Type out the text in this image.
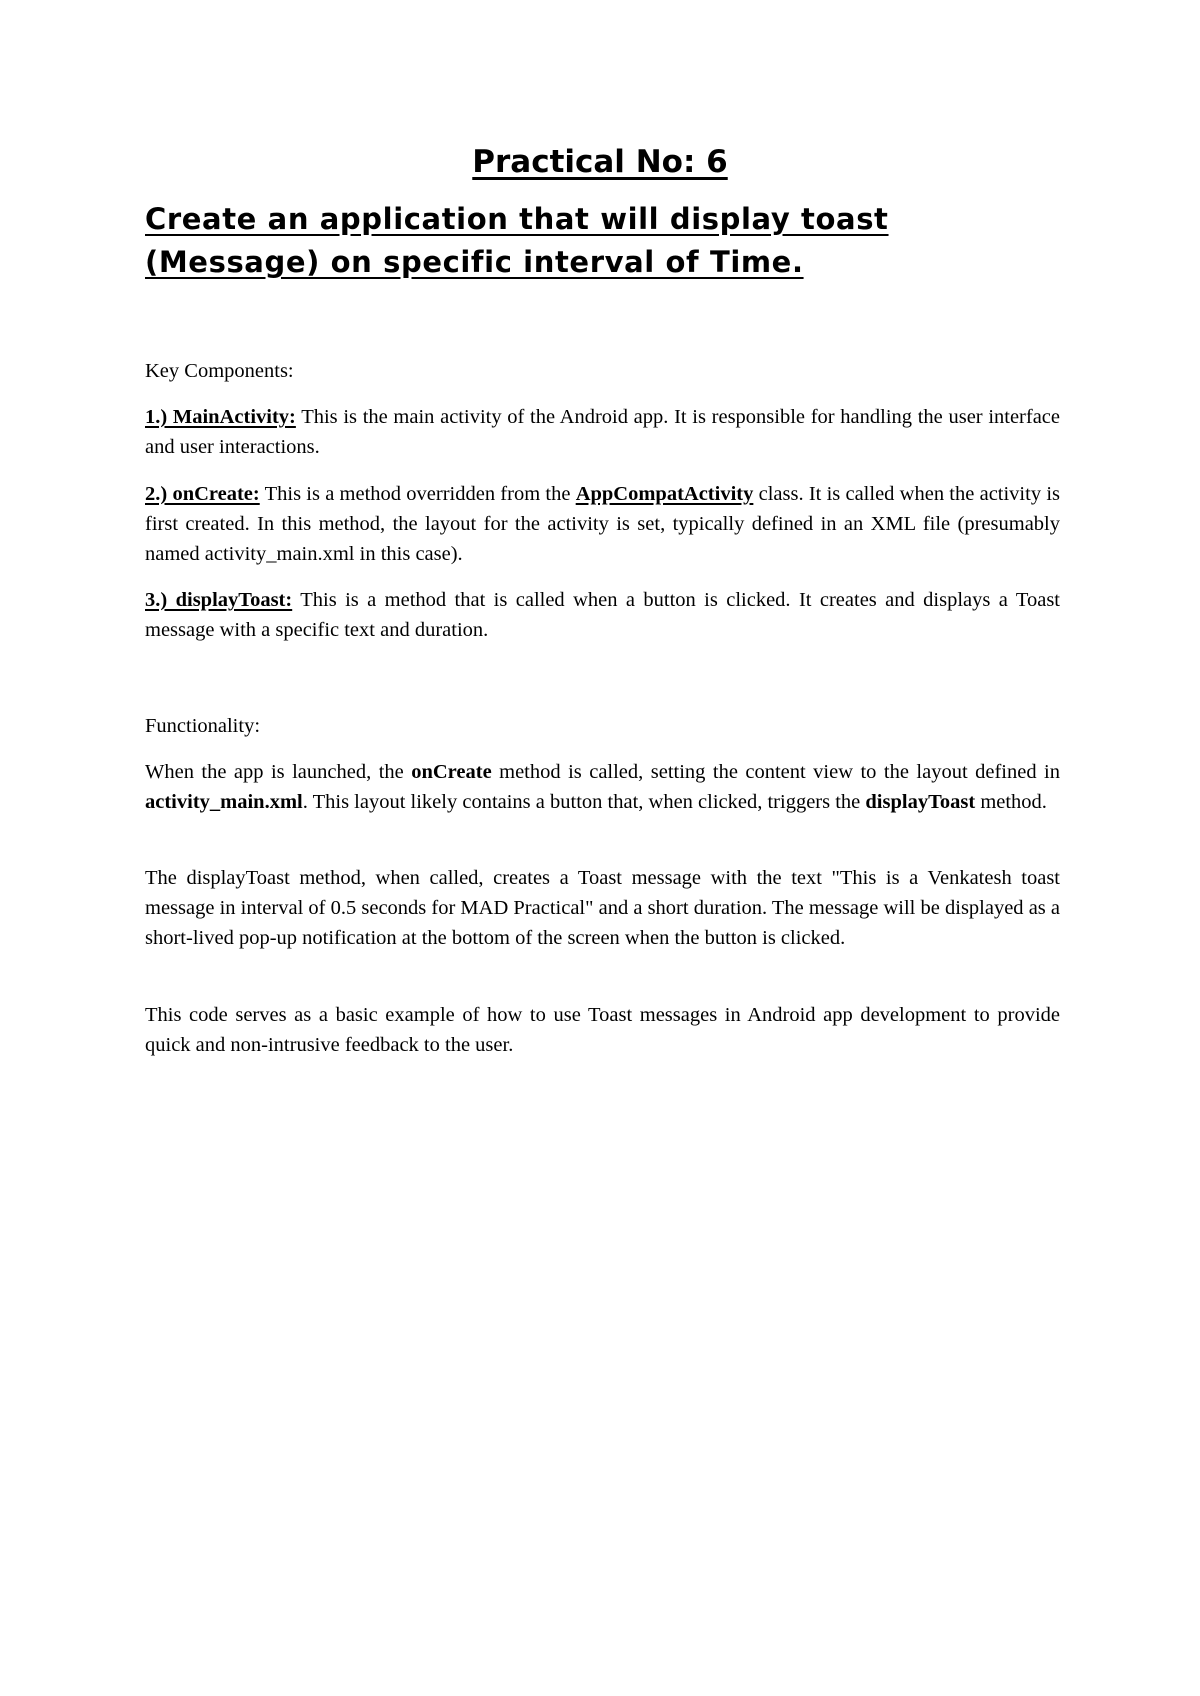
Practical No: 6
Create an application that will display toast (Message) on specific interval of Time.

Key Components:

1.) MainActivity: This is the main activity of the Android app. It is responsible for handling the user interface and user interactions.

2.) onCreate: This is a method overridden from the AppCompatActivity class. It is called when the activity is first created. In this method, the layout for the activity is set, typically defined in an XML file (presumably named activity_main.xml in this case).

3.) displayToast: This is a method that is called when a button is clicked. It creates and displays a Toast message with a specific text and duration.

Functionality:

When the app is launched, the onCreate method is called, setting the content view to the layout defined in activity_main.xml. This layout likely contains a button that, when clicked, triggers the displayToast method.

The displayToast method, when called, creates a Toast message with the text "This is a Venkatesh toast message in interval of 0.5 seconds for MAD Practical" and a short duration. The message will be displayed as a short-lived pop-up notification at the bottom of the screen when the button is clicked.

This code serves as a basic example of how to use Toast messages in Android app development to provide quick and non-intrusive feedback to the user.
